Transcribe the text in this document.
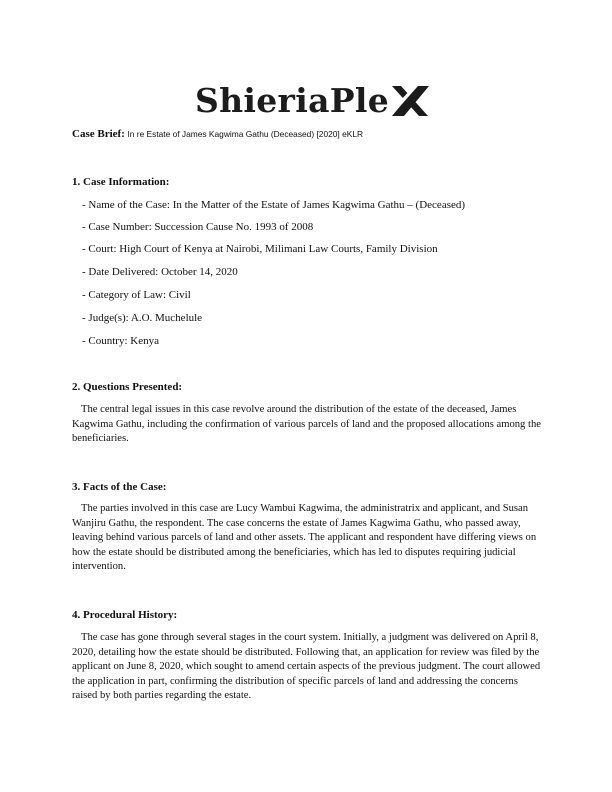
ShieriaPle
Case Brief: In re Estate of James Kagwima Gathu (Deceased) [2020] eKLR
1. Case Information:
- Name of the Case: In the Matter of the Estate of James Kagwima Gathu – (Deceased)
- Case Number: Succession Cause No. 1993 of 2008
- Court: High Court of Kenya at Nairobi, Milimani Law Courts, Family Division
- Date Delivered: October 14, 2020
- Category of Law: Civil
- Judge(s): A.O. Muchelule
- Country: Kenya
2. Questions Presented:

The central legal issues in this case revolve around the distribution of the estate of the deceased, James Kagwima Gathu, including the confirmation of various parcels of land and the proposed allocations among the beneficiaries.

3. Facts of the Case:

The parties involved in this case are Lucy Wambui Kagwima, the administratrix and applicant, and Susan Wanjiru Gathu, the respondent. The case concerns the estate of James Kagwima Gathu, who passed away, leaving behind various parcels of land and other assets. The applicant and respondent have differing views on how the estate should be distributed among the beneficiaries, which has led to disputes requiring judicial intervention.

4. Procedural History:

The case has gone through several stages in the court system. Initially, a judgment was delivered on April 8, 2020, detailing how the estate should be distributed. Following that, an application for review was filed by the applicant on June 8, 2020, which sought to amend certain aspects of the previous judgment. The court allowed the application in part, confirming the distribution of specific parcels of land and addressing the concerns raised by both parties regarding the estate.
